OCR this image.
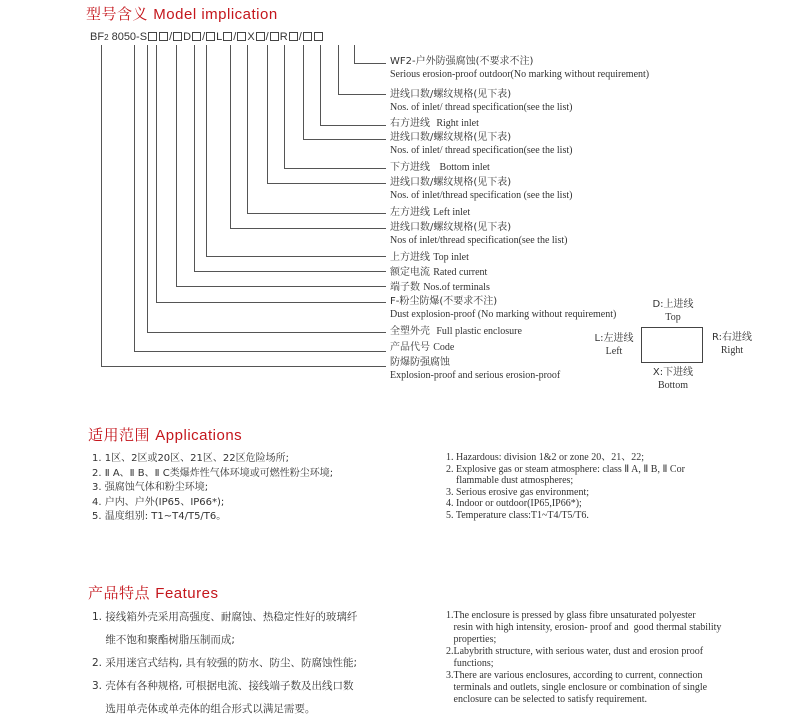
型号含义 Model implication
BF2 8050-S / D / L / X / R /
WF2-户外防强腐蚀(不要求不注)
Serious erosion-proof outdoor(No marking without requirement)
进线口数/螺纹规格(见下表)
Nos. of inlet/ thread specification(see the list)
右方进线 Right inlet
进线口数/螺纹规格(见下表)
Nos. of inlet/ thread specification(see the list)
下方进线 Bottom inlet
进线口数/螺纹规格(见下表)
Nos. of inlet/thread specification (see the list)
左方进线 Left inlet
进线口数/螺纹规格(见下表)
Nos of inlet/thread specification(see the list)
上方进线 Top inlet
额定电流 Rated current
端子数 Nos.of terminals
F-粉尘防爆(不要求不注)
Dust explosion-proof (No marking without requirement)
全塑外壳 Full plastic enclosure
产品代号 Code
防爆防强腐蚀
Explosion-proof and serious erosion-proof
D:上进线
Top
L:左进线
Left
R:右进线
Right
X:下进线
Bottom
适用范围 Applications
1. 1区、2区或20区、21区、22区危险场所;
2. Ⅱ A、Ⅱ B、Ⅱ C类爆炸性气体环境或可燃性粉尘环境;
3. 强腐蚀气体和粉尘环境;
4. 户内、户外(IP65、IP66*);
5. 温度组别: T1~T4/T5/T6。
1. Hazardous: division 1&2 or zone 20、21、22;
2. Explosive gas or steam atmosphere: class Ⅱ A, Ⅱ B, Ⅱ Cor
flammable dust atmospheres;
3. Serious erosive gas environment;
4. Indoor or outdoor(IP65,IP66*);
5. Temperature class:T1~T4/T5/T6.
产品特点 Features
1. 接线箱外壳采用高强度、耐腐蚀、热稳定性好的玻璃纤
维不饱和聚酯树脂压制而成;
2. 采用迷宫式结构, 具有较强的防水、防尘、防腐蚀性能;
3. 壳体有各种规格, 可根据电流、接线端子数及出线口数
选用单壳体或单壳体的组合形式以满足需要。
1.The enclosure is pressed by glass fibre unsaturated polyester
resin with high intensity, erosion- proof and  good thermal stability
properties;
2.Labybrith structure, with serious water, dust and erosion proof
functions;
3.There are various enclosures, according to current, connection
terminals and outlets, single enclosure or combination of single
enclosure can be selected to satisfy requirement.
